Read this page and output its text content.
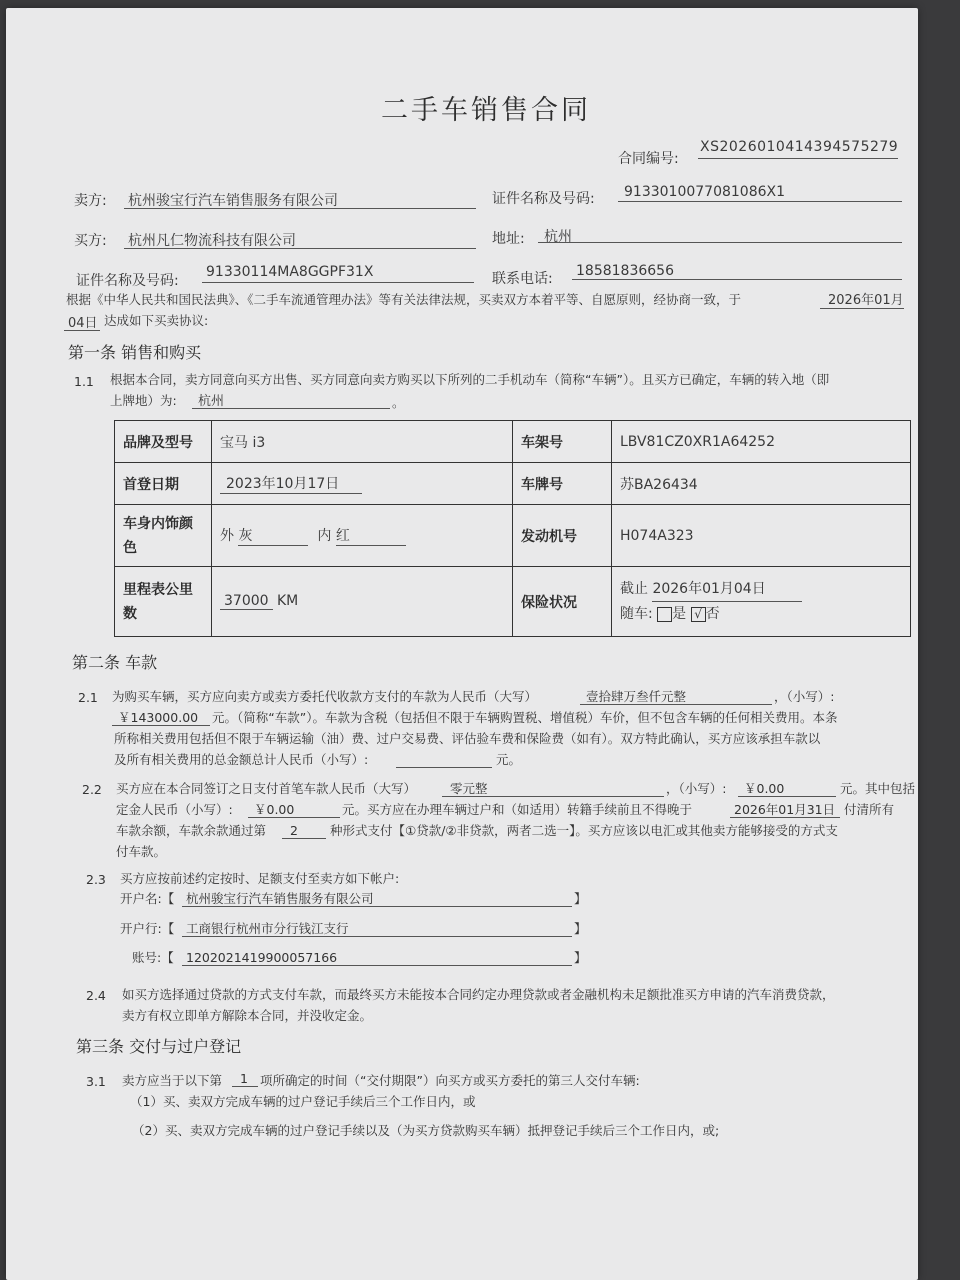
二手车销售合同
合同编号:
XS2026010414394575279
卖方: 杭州骏宝行汽车销售服务有限公司	证件名称及号码: 9133010077081086X1
买方: 杭州凡仁物流科技有限公司	地址: 杭州
证件名称及号码:
91330114MA8GGPF31X	联系电话: 18581836656
根据《中华人民共和国民法典》、《二手车流通管理办法》等有关法律法规，买卖双方本着平等、自愿原则，经协商一致，于	2026年01月
04日 达成如下买卖协议:
第一条 销售和购买
1.1 根据本合同，卖方同意向买方出售、买方同意向卖方购买以下所列的二手机动车（简称“车辆”）。且买方已确定，车辆的转入地（即
上牌地）为: 杭州	。
品牌及型号	宝马 i3	车架号	LBV81CZ0XR1A64252
首登日期	2023年10月17日	车牌号	苏BA26434
车身内饰颜
色	外 灰 内 红	发动机号	H074A323
里程表公里
数	37000 KM	保险状况	截止 2026年01月04日
随车: 是 √ 否
第二条 车款
2.1 为购买车辆，买方应向卖方或卖方委托代收款方支付的车款为人民币（大写）	壹拾肆万叁仟元整	，（小写）:
￥143000.00 元。（简称“车款”）。车款为含税（包括但不限于车辆购置税、增值税）车价，但不包含车辆的任何相关费用。本条
所称相关费用包括但不限于车辆运输（油）费、过户交易费、评估验车费和保险费（如有）。双方特此确认，买方应该承担车款以
及所有相关费用的总金额总计人民币（小写）:	元。
2.2 买方应在本合同签订之日支付首笔车款人民币（大写）	零元整	，（小写）: ￥0.00	元。其中包括
定金人民币（小写）: ￥0.00	元。买方应在办理车辆过户和（如适用）转籍手续前且不得晚于	2026年01月31日 付清所有
车款余额，车款余款通过第 2	种形式支付【①贷款/②非贷款，两者二选一】。买方应该以电汇或其他卖方能够接受的方式支
付车款。
2.3 买方应按前述约定按时、足额支付至卖方如下帐户:
开户名:【 杭州骏宝行汽车销售服务有限公司	】
开户行:【 工商银行杭州市分行钱江支行	】
账号:【 1202021419900057166	】
2.4 如买方选择通过贷款的方式支付车款，而最终买方未能按本合同约定办理贷款或者金融机构未足额批准买方申请的汽车消费贷款，
卖方有权立即单方解除本合同，并没收定金。
第三条 交付与过户登记
3.1 卖方应当于以下第 1 项所确定的时间（“交付期限”）向买方或买方委托的第三人交付车辆:
（1）买、卖双方完成车辆的过户登记手续后三个工作日内，或
（2）买、卖双方完成车辆的过户登记手续以及（为买方贷款购买车辆）抵押登记手续后三个工作日内，或;
